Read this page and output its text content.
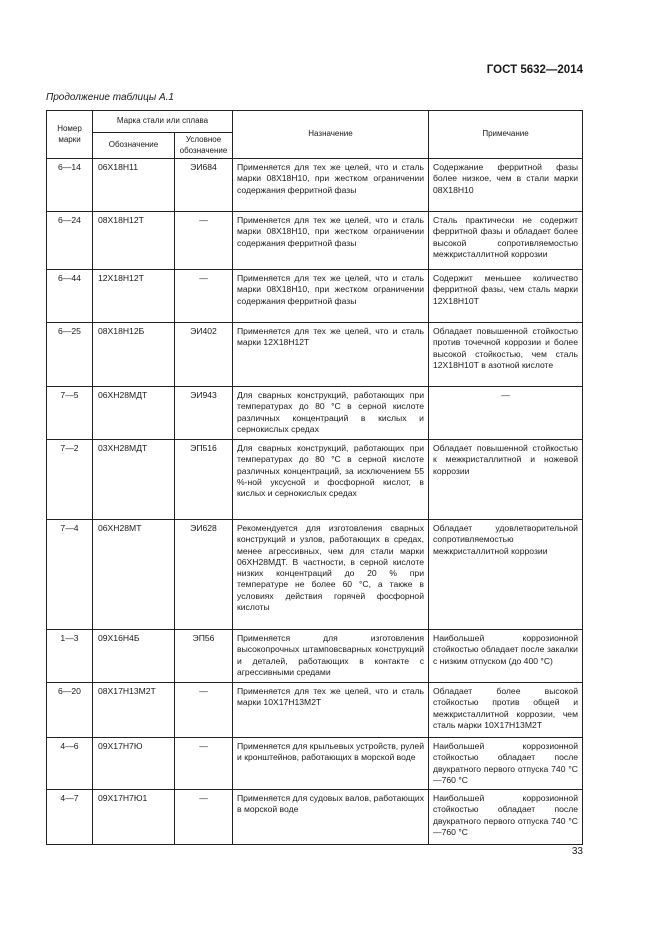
ГОСТ 5632—2014
Продолжение таблицы А.1
Номер марки	Марка стали или сплава		Назначение	Примечание
	Обозначение	Условное обозначение		
6—14	06Х18Н11	ЭИ684	Применяется для тех же целей, что и сталь марки 08Х18Н10, при жестком ограничении содержания ферритной фазы	Содержание ферритной фазы более низкое, чем в стали марки 08Х18Н10
6—24	08Х18Н12Т	—	Применяется для тех же целей, что и сталь марки 08Х18Н10, при жестком ограничении содержания ферритной фазы	Сталь практически не содержит ферритной фазы и обладает более высокой сопротивляемостью межкристаллитной коррозии
6—44	12Х18Н12Т	—	Применяется для тех же целей, что и сталь марки 08Х18Н10, при жестком ограничении содержания ферритной фазы	Содержит меньшее количество ферритной фазы, чем сталь марки 12Х18Н10Т
6—25	08Х18Н12Б	ЭИ402	Применяется для тех же целей, что и сталь марки 12Х18Н12Т	Обладает повышенной стойкостью против точечной коррозии и более высокой стойкостью, чем сталь 12Х18Н10Т в азотной кислоте
7—5	06ХН28МДТ	ЭИ943	Для сварных конструкций, работающих при температурах до 80 °С в серной кислоте различных концентраций в кислых и сернокислых средах	—
7—2	03ХН28МДТ	ЭП516	Для сварных конструкций, работающих при температурах до 80 °С в серной кислоте различных концентраций, за исключением 55 %-ной уксусной и фосфорной кислот, в кислых и сернокислых средах	Обладает повышенной стойкостью к межкристаллитной и ножевой коррозии
7—4	06ХН28МТ	ЭИ628	Рекомендуется для изготовления сварных конструкций и узлов, работающих в средах, менее агрессивных, чем для стали марки 06ХН28МДТ. В частности, в серной кислоте низких концентраций до 20 % при температуре не более 60 °С, а также в условиях действия горячей фосфорной кислоты	Обладает удовлетворительной сопротивляемостью межкристаллитной коррозии
1—3	09Х16Н4Б	ЭП56	Применяется для изготовления высокопрочных штамповсварных конструкций и деталей, работающих в контакте с агрессивными средами	Наибольшей коррозионной стойкостью обладает после закалки с низким отпуском (до 400 °С)
6—20	08Х17Н13М2Т	—	Применяется для тех же целей, что и сталь марки 10Х17Н13М2Т	Обладает более высокой стойкостью против общей и межкристаллитной коррозии, чем сталь марки 10Х17Н13М2Т
4—6	09Х17Н7Ю	—	Применяется для крыльевых устройств, рулей и кронштейнов, работающих в морской воде	Наибольшей коррозионной стойкостью обладает после двукратного первого отпуска 740 °С—760 °С
4—7	09Х17Н7Ю1	—	Применяется для судовых валов, работающих в морской воде	Наибольшей коррозионной стойкостью обладает после двукратного первого отпуска 740 °С—760 °С
33
